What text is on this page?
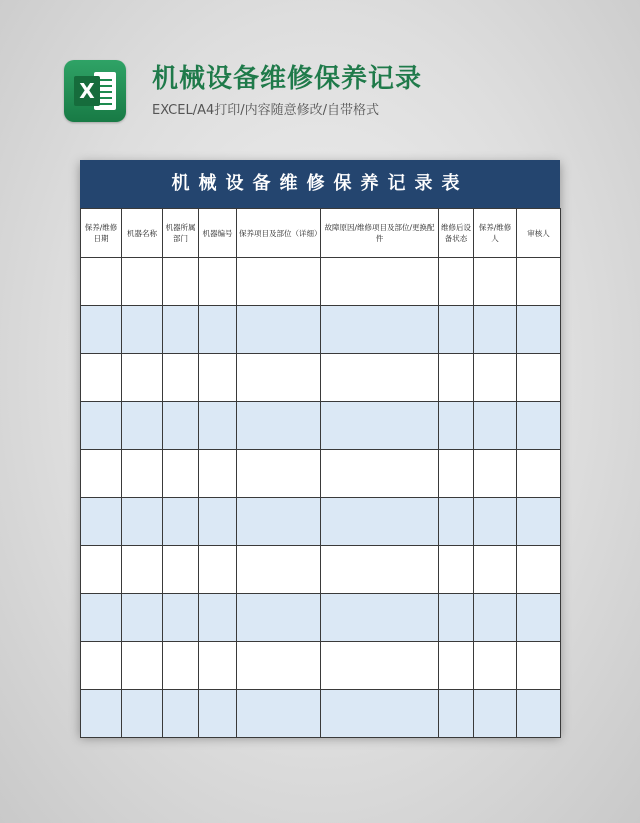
X 机械设备维修保养记录
EXCEL/A4打印/内容随意修改/自带格式
机械设备维修保养记录表
保养/维修日期	机器名称	机器所属部门	机器编号	保养项目及部位（详细）	故障原因/维修项目及部位/更换配件	维修后设备状态	保养/维修人	审核人
